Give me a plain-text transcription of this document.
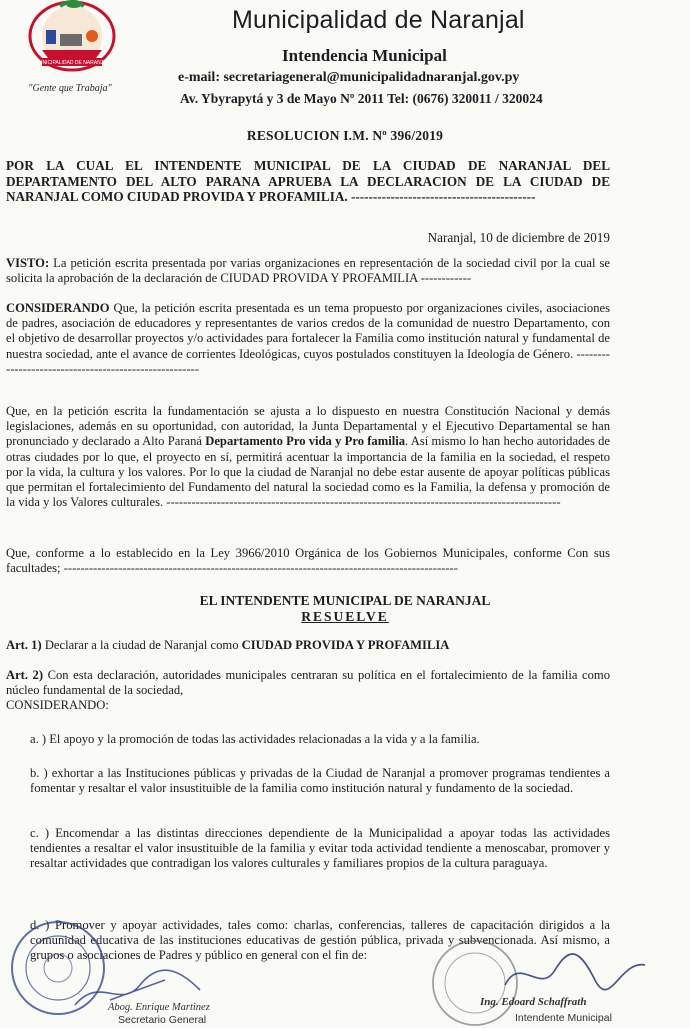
MUNICIPALIDAD DE NARANJAL
"Gente que Trabaja"
Municipalidad de Naranjal
Intendencia Municipal
e-mail: secretariageneral@municipalidadnaranjal.gov.py
Av. Ybyrapytá y 3 de Mayo Nº 2011 Tel: (0676) 320011 / 320024
RESOLUCION I.M. Nº 396/2019
POR LA CUAL EL INTENDENTE MUNICIPAL DE LA CIUDAD DE NARANJAL DEL DEPARTAMENTO DEL ALTO PARANA APRUEBA LA DECLARACION DE LA CIUDAD DE NARANJAL COMO CIUDAD PROVIDA Y PROFAMILIA. ------------------------------------------
Naranjal, 10 de diciembre de 2019
VISTO: La petición escrita presentada por varias organizaciones en representación de la sociedad civil por la cual se solicita la aprobación de la declaración de CIUDAD PROVIDA Y PROFAMILIA ------------
CONSIDERANDO Que, la petición escrita presentada es un tema propuesto por organizaciones civiles, asociaciones de padres, asociación de educadores y representantes de varios credos de la comunidad de nuestro Departamento, con el objetivo de desarrollar proyectos y/o actividades para fortalecer la Familia como institución natural y fundamental de nuestra sociedad, ante el avance de corrientes Ideológicas, cuyos postulados constituyen la Ideología de Género. ------------------------------------------------------
Que, en la petición escrita la fundamentación se ajusta a lo dispuesto en nuestra Constitución Nacional y demás legislaciones, además en su oportunidad, con autoridad, la Junta Departamental y el Ejecutivo Departamental se han pronunciado y declarado a Alto Paraná Departamento Pro vida y Pro familia. Así mismo lo han hecho autoridades de otras ciudades por lo que, el proyecto en sí, permitirá acentuar la importancia de la familia en la sociedad, el respeto por la vida, la cultura y los valores. Por lo que la ciudad de Naranjal no debe estar ausente de apoyar políticas públicas que permitan el fortalecimiento del Fundamento del natural la sociedad como es la Familia, la defensa y promoción de la vida y los Valores culturales. ----------------------------------------------------------------------------------------------
Que, conforme a lo establecido en la Ley 3966/2010 Orgánica de los Gobiernos Municipales, conforme Con sus facultades; ----------------------------------------------------------------------------------------------
EL INTENDENTE MUNICIPAL DE NARANJAL
RESUELVE
Art. 1) Declarar a la ciudad de Naranjal como CIUDAD PROVIDA Y PROFAMILIA
Art. 2) Con esta declaración, autoridades municipales centraran su política en el fortalecimiento de la familia como núcleo fundamental de la sociedad,
CONSIDERANDO:
a. ) El apoyo y la promoción de todas las actividades relacionadas a la vida y a la familia.
b. ) exhortar a las Instituciones públicas y privadas de la Ciudad de Naranjal a promover programas tendientes a fomentar y resaltar el valor insustituible de la familia como institución natural y fundamento de la sociedad.
c. ) Encomendar a las distintas direcciones dependiente de la Municipalidad a apoyar todas las actividades tendientes a resaltar el valor insustituible de la familia y evitar toda actividad tendiente a menoscabar, promover y resaltar actividades que contradigan los valores culturales y familiares propios de la cultura paraguaya.
d. ) Promover y apoyar actividades, tales como: charlas, conferencias, talleres de capacitación dirigidos a la comunidad educativa de las instituciones educativas de gestión pública, privada y subvencionada. Así mismo, a grupos o asociaciones de Padres y público en general con el fin de:
Abog. Enrique Martinez
Secretario General
Ing. Edoard Schaffrath
Intendente Municipal
